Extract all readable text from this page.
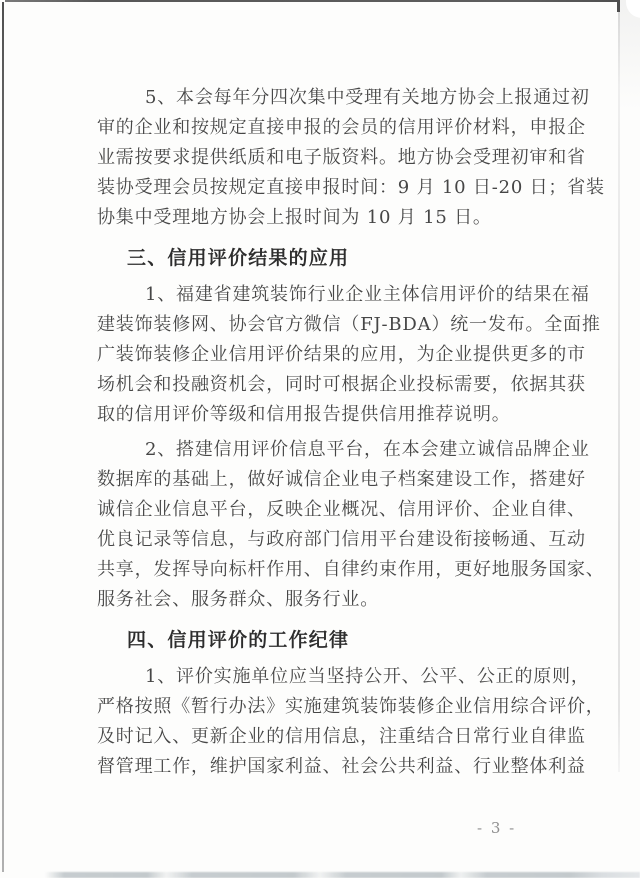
5、本会每年分四次集中受理有关地方协会上报通过初
审的企业和按规定直接申报的会员的信用评价材料，申报企
业需按要求提供纸质和电子版资料。地方协会受理初审和省
装协受理会员按规定直接申报时间：9 月 10 日-20 日；省装
协集中受理地方协会上报时间为 10 月 15 日。
三、信用评价结果的应用
1、福建省建筑装饰行业企业主体信用评价的结果在福
建装饰装修网、协会官方微信（FJ-BDA）统一发布。全面推
广装饰装修企业信用评价结果的应用，为企业提供更多的市
场机会和投融资机会，同时可根据企业投标需要，依据其获
取的信用评价等级和信用报告提供信用推荐说明。
2、搭建信用评价信息平台，在本会建立诚信品牌企业
数据库的基础上，做好诚信企业电子档案建设工作，搭建好
诚信企业信息平台，反映企业概况、信用评价、企业自律、
优良记录等信息，与政府部门信用平台建设衔接畅通、互动
共享，发挥导向标杆作用、自律约束作用，更好地服务国家、
服务社会、服务群众、服务行业。
四、信用评价的工作纪律
1、评价实施单位应当坚持公开、公平、公正的原则，
严格按照《暂行办法》实施建筑装饰装修企业信用综合评价，
及时记入、更新企业的信用信息，注重结合日常行业自律监
督管理工作，维护国家利益、社会公共利益、行业整体利益
- 3 -
